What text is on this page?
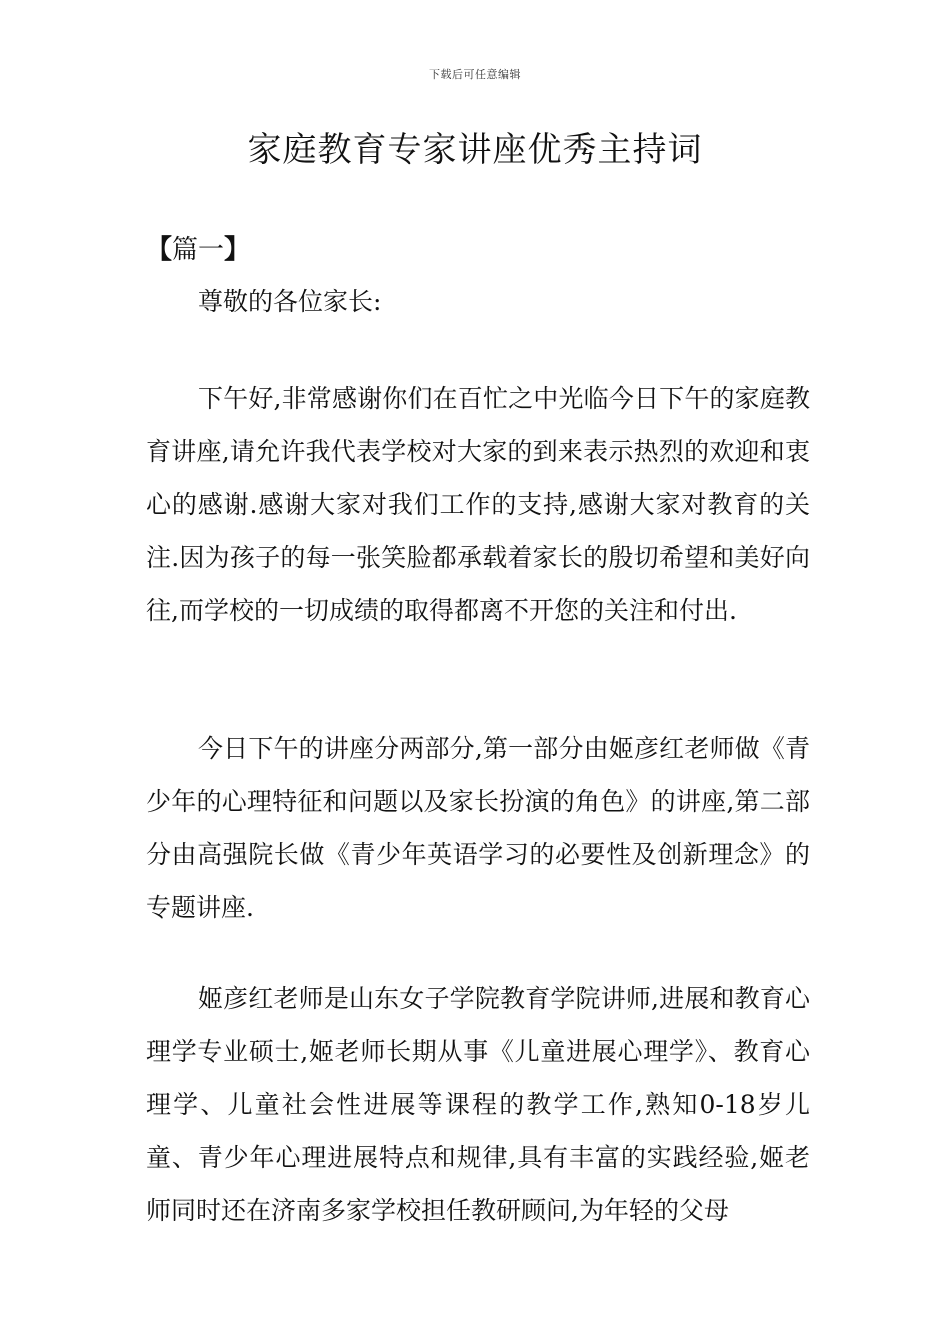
下载后可任意编辑
家庭教育专家讲座优秀主持词

【篇一】

尊敬的各位家长:

下午好,非常感谢你们在百忙之中光临今日下午的家庭教育讲座,请允许我代表学校对大家的到来表示热烈的欢迎和衷心的感谢.感谢大家对我们工作的支持,感谢大家对教育的关注.因为孩子的每一张笑脸都承载着家长的殷切希望和美好向往,而学校的一切成绩的取得都离不开您的关注和付出.

今日下午的讲座分两部分,第一部分由姬彦红老师做《青少年的心理特征和问题以及家长扮演的角色》的讲座,第二部分由高强院长做《青少年英语学习的必要性及创新理念》的专题讲座.

姬彦红老师是山东女子学院教育学院讲师,进展和教育心理学专业硕士,姬老师长期从事《儿童进展心理学》、教育心理学、儿童社会性进展等课程的教学工作,熟知0-18岁儿童、青少年心理进展特点和规律,具有丰富的实践经验,姬老师同时还在济南多家学校担任教研顾问,为年轻的父母
